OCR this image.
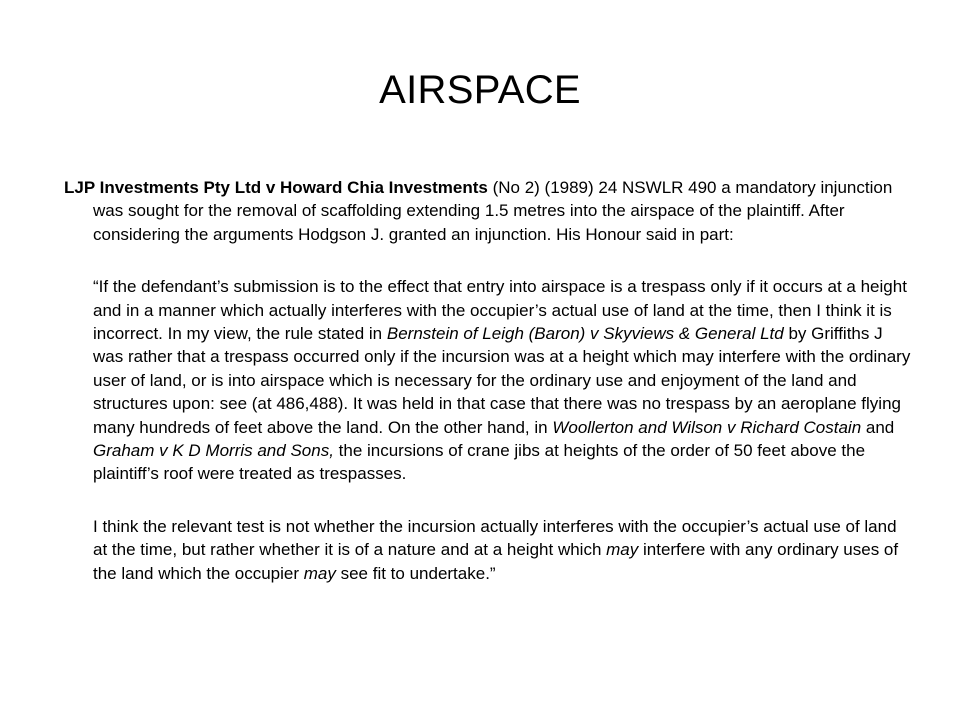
AIRSPACE

LJP Investments Pty Ltd v Howard Chia Investments (No 2) (1989) 24 NSWLR 490 a mandatory injunction was sought for the removal of scaffolding extending 1.5 metres into the airspace of the plaintiff. After considering the arguments Hodgson J. granted an injunction. His Honour said in part:

“If the defendant’s submission is to the effect that entry into airspace is a trespass only if it occurs at a height and in a manner which actually interferes with the occupier’s actual use of land at the time, then I think it is incorrect. In my view, the rule stated in Bernstein of Leigh (Baron) v Skyviews & General Ltd by Griffiths J was rather that a trespass occurred only if the incursion was at a height which may interfere with the ordinary user of land, or is into airspace which is necessary for the ordinary use and enjoyment of the land and structures upon: see (at 486,488). It was held in that case that there was no trespass by an aeroplane flying many hundreds of feet above the land. On the other hand, in Woollerton and Wilson v Richard Costain and Graham v K D Morris and Sons, the incursions of crane jibs at heights of the order of 50 feet above the plaintiff’s roof were treated as trespasses.

I think the relevant test is not whether the incursion actually interferes with the occupier’s actual use of land at the time, but rather whether it is of a nature and at a height which may interfere with any ordinary uses of the land which the occupier may see fit to undertake.”
